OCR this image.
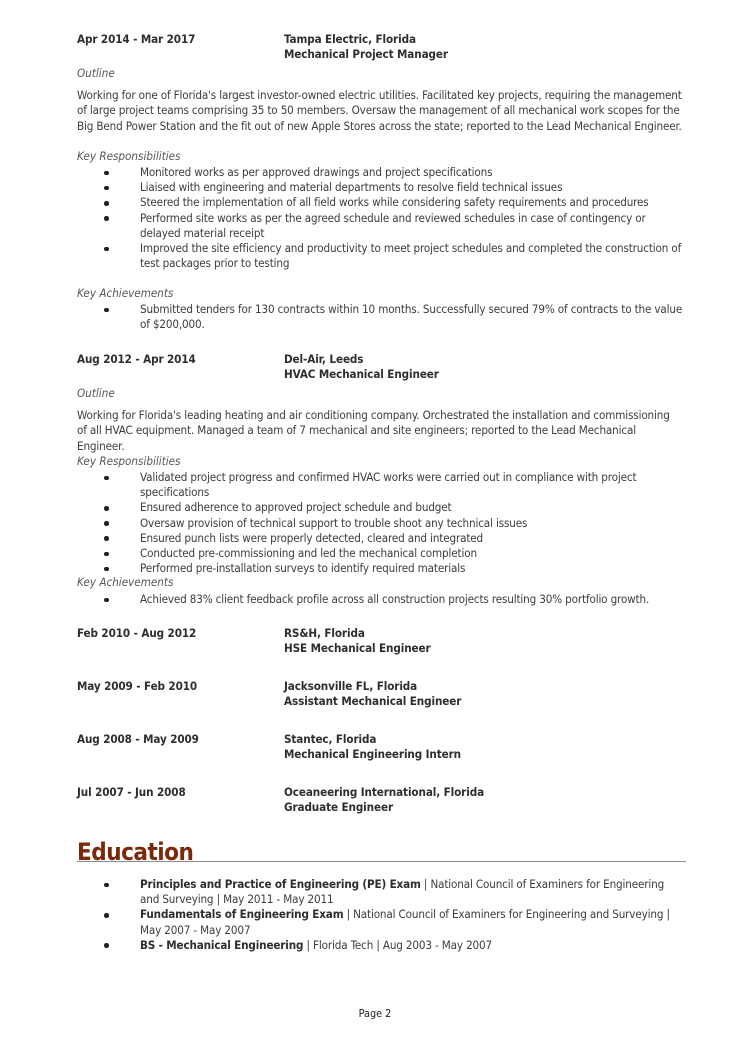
Apr 2014 - Mar 2017	Tampa Electric, Florida
Mechanical Project Manager
Outline

Working for one of Florida's largest investor-owned electric utilities. Facilitated key projects, requiring the management of large project teams comprising 35 to 50 members. Oversaw the management of all mechanical work scopes for the Big Bend Power Station and the fit out of new Apple Stores across the state; reported to the Lead Mechanical Engineer.

Key Responsibilities
Monitored works as per approved drawings and project specifications
Liaised with engineering and material departments to resolve field technical issues
Steered the implementation of all field works while considering safety requirements and procedures
Performed site works as per the agreed schedule and reviewed schedules in case of contingency or delayed material receipt
Improved the site efficiency and productivity to meet project schedules and completed the construction of test packages prior to testing
Key Achievements
Submitted tenders for 130 contracts within 10 months. Successfully secured 79% of contracts to the value of $200,000.
Aug 2012 - Apr 2014	Del-Air, Leeds
HVAC Mechanical Engineer
Outline

Working for Florida's leading heating and air conditioning company. Orchestrated the installation and commissioning of all HVAC equipment. Managed a team of 7 mechanical and site engineers; reported to the Lead Mechanical Engineer.

Key Responsibilities
Validated project progress and confirmed HVAC works were carried out in compliance with project specifications
Ensured adherence to approved project schedule and budget
Oversaw provision of technical support to trouble shoot any technical issues
Ensured punch lists were properly detected, cleared and integrated
Conducted pre-commissioning and led the mechanical completion
Performed pre-installation surveys to identify required materials
Key Achievements
Achieved 83% client feedback profile across all construction projects resulting 30% portfolio growth.
Feb 2010 - Aug 2012	RS&H, Florida
HSE Mechanical Engineer
May 2009 - Feb 2010	Jacksonville FL, Florida
Assistant Mechanical Engineer
Aug 2008 - May 2009	Stantec, Florida
Mechanical Engineering Intern
Jul 2007 - Jun 2008	Oceaneering International, Florida
Graduate Engineer
Education
Principles and Practice of Engineering (PE) Exam | National Council of Examiners for Engineering and Surveying | May 2011 - May 2011
Fundamentals of Engineering Exam | National Council of Examiners for Engineering and Surveying | May 2007 - May 2007
BS - Mechanical Engineering | Florida Tech | Aug 2003 - May 2007
Page 2
